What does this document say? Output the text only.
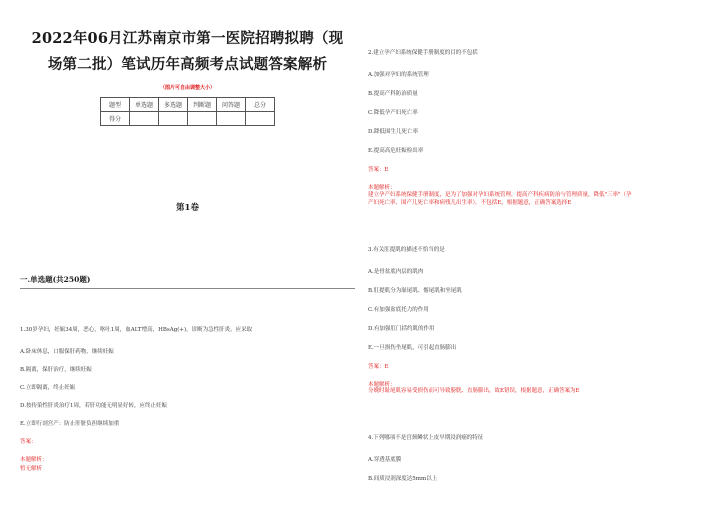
2022年06月江苏南京市第一医院招聘拟聘（现

场第二批）笔试历年高频考点试题答案解析

（图片可自由调整大小）
题型	单选题	多选题	判断题	问答题	总分
得分					
第1卷
一.单选题(共250题)
1.30岁孕妇，妊娠34周，恶心，呕吐1周，血ALT增高，HBsAg(+)，诊断为急性肝炎，应采取
A.卧床休息，口服保肝药物，继续妊娠
B.隔离，保肝治疗，继续妊娠
C.立即隔离，终止妊娠
D.按传染性肝炎治疗1周，若肝功能无明显好转，应终止妊娠
E.立即行剖宫产：防止肝脏负担继续加重
答案：
本题解析：
暂无解析
2.建立孕产妇系统保健手册制度的目的不包括
A.加强对孕妇的系统管理
B.提高产科防治质量
C.降低孕产妇死亡率
D.降低围生儿死亡率
E.提高高危妊娠检出率
答案：E
本题解析：
建立孕产妇系统保健手册制度，是为了加强对孕妇系统管理，提高产科疾病防治与管理质量，降低"三率"（孕
产妇死亡率、围产儿死亡率和病残儿出生率）。不包括E，根据题意，正确答案选择E
3.有关肛提肌的描述不恰当的是
A.是骨盆底内层的肌肉
B.肛提肌分为耻尾肌、髂尾肌和坐尾肌
C.有加强盆底托力的作用
D.有加强肛门括约肌的作用
E.一旦损伤坐尾肌，可引起直肠膨出
答案：E
本题解析：
分娩时耻尾肌容易受损伤而可导致膀胱、直肠膨出，故E错误，根据题意，正确答案为E
4.下列哪项不是宫颈鳞状上皮早期浸润癌的特征
A.穿透基底膜
B.间质浸润深度达5mm以上
